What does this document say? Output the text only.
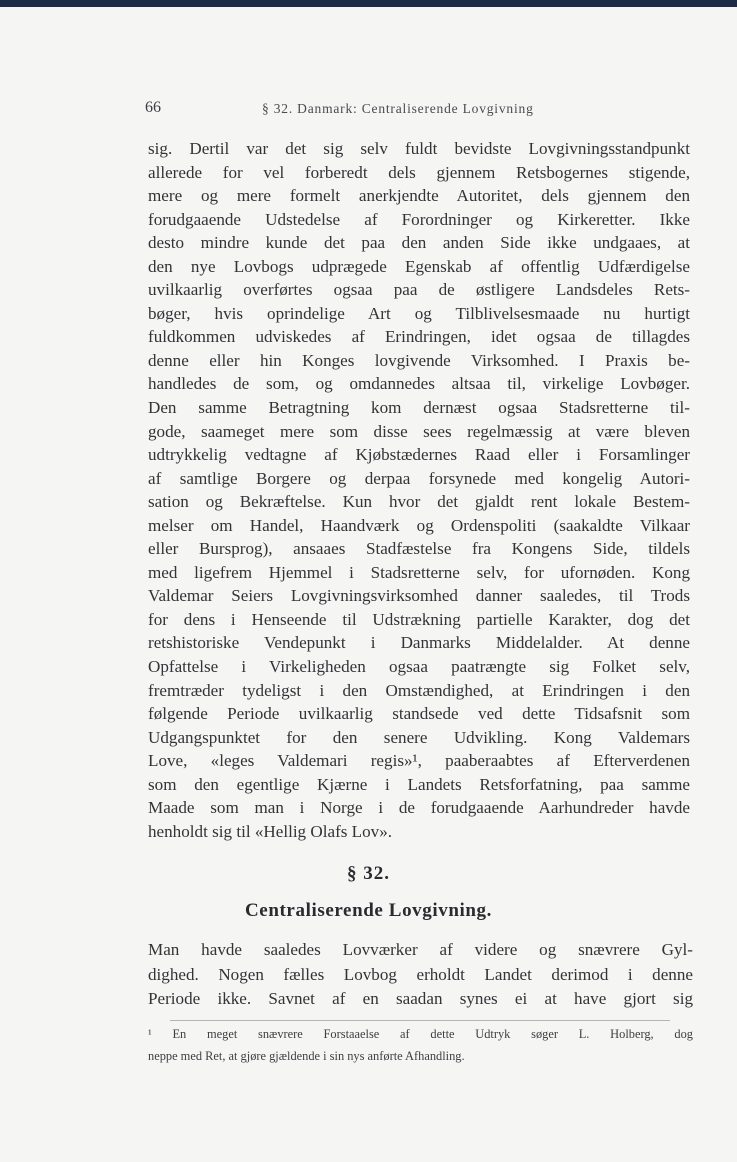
66	§ 32. Danmark: Centraliserende Lovgivning
sig. Dertil var det sig selv fuldt bevidste Lovgivningsstandpunkt
allerede for vel forberedt dels gjennem Retsbogernes stigende,
mere og mere formelt anerkjendte Autoritet, dels gjennem den
forudgaaende Udstedelse af Forordninger og Kirkeretter. Ikke
desto mindre kunde det paa den anden Side ikke undgaaes, at
den nye Lovbogs udprægede Egenskab af offentlig Udfærdigelse
uvilkaarlig overførtes ogsaa paa de østligere Landsdeles Rets-
bøger, hvis oprindelige Art og Tilblivelsesmaade nu hurtigt
fuldkommen udviskedes af Erindringen, idet ogsaa de tillagdes
denne eller hin Konges lovgivende Virksomhed. I Praxis be-
handledes de som, og omdannedes altsaa til, virkelige Lovbøger.
Den samme Betragtning kom dernæst ogsaa Stadsretterne til-
gode, saameget mere som disse sees regelmæssig at være bleven
udtrykkelig vedtagne af Kjøbstædernes Raad eller i Forsamlinger
af samtlige Borgere og derpaa forsynede med kongelig Autori-
sation og Bekræftelse. Kun hvor det gjaldt rent lokale Bestem-
melser om Handel, Haandværk og Ordenspoliti (saakaldte Vilkaar
eller Bursprog), ansaaes Stadfæstelse fra Kongens Side, tildels
med ligefrem Hjemmel i Stadsretterne selv, for ufornøden. Kong
Valdemar Seiers Lovgivningsvirksomhed danner saaledes, til Trods
for dens i Henseende til Udstrækning partielle Karakter, dog det
retshistoriske Vendepunkt i Danmarks Middelalder. At denne
Opfattelse i Virkeligheden ogsaa paatrængte sig Folket selv,
fremtræder tydeligst i den Omstændighed, at Erindringen i den
følgende Periode uvilkaarlig standsede ved dette Tidsafsnit som
Udgangspunktet for den senere Udvikling. Kong Valdemars
Love, «leges Valdemari regis»¹, paaberaabtes af Efterverdenen
som den egentlige Kjærne i Landets Retsforfatning, paa samme
Maade som man i Norge i de forudgaaende Aarhundreder havde
henholdt sig til «Hellig Olafs Lov».
§ 32.
Centraliserende Lovgivning.
Man havde saaledes Lovværker af videre og snævrere Gyl-
dighed. Nogen fælles Lovbog erholdt Landet derimod i denne
Periode ikke. Savnet af en saadan synes ei at have gjort sig
¹ En meget snævrere Forstaaelse af dette Udtryk søger L. Holberg, dog
neppe med Ret, at gjøre gjældende i sin nys anførte Afhandling.
